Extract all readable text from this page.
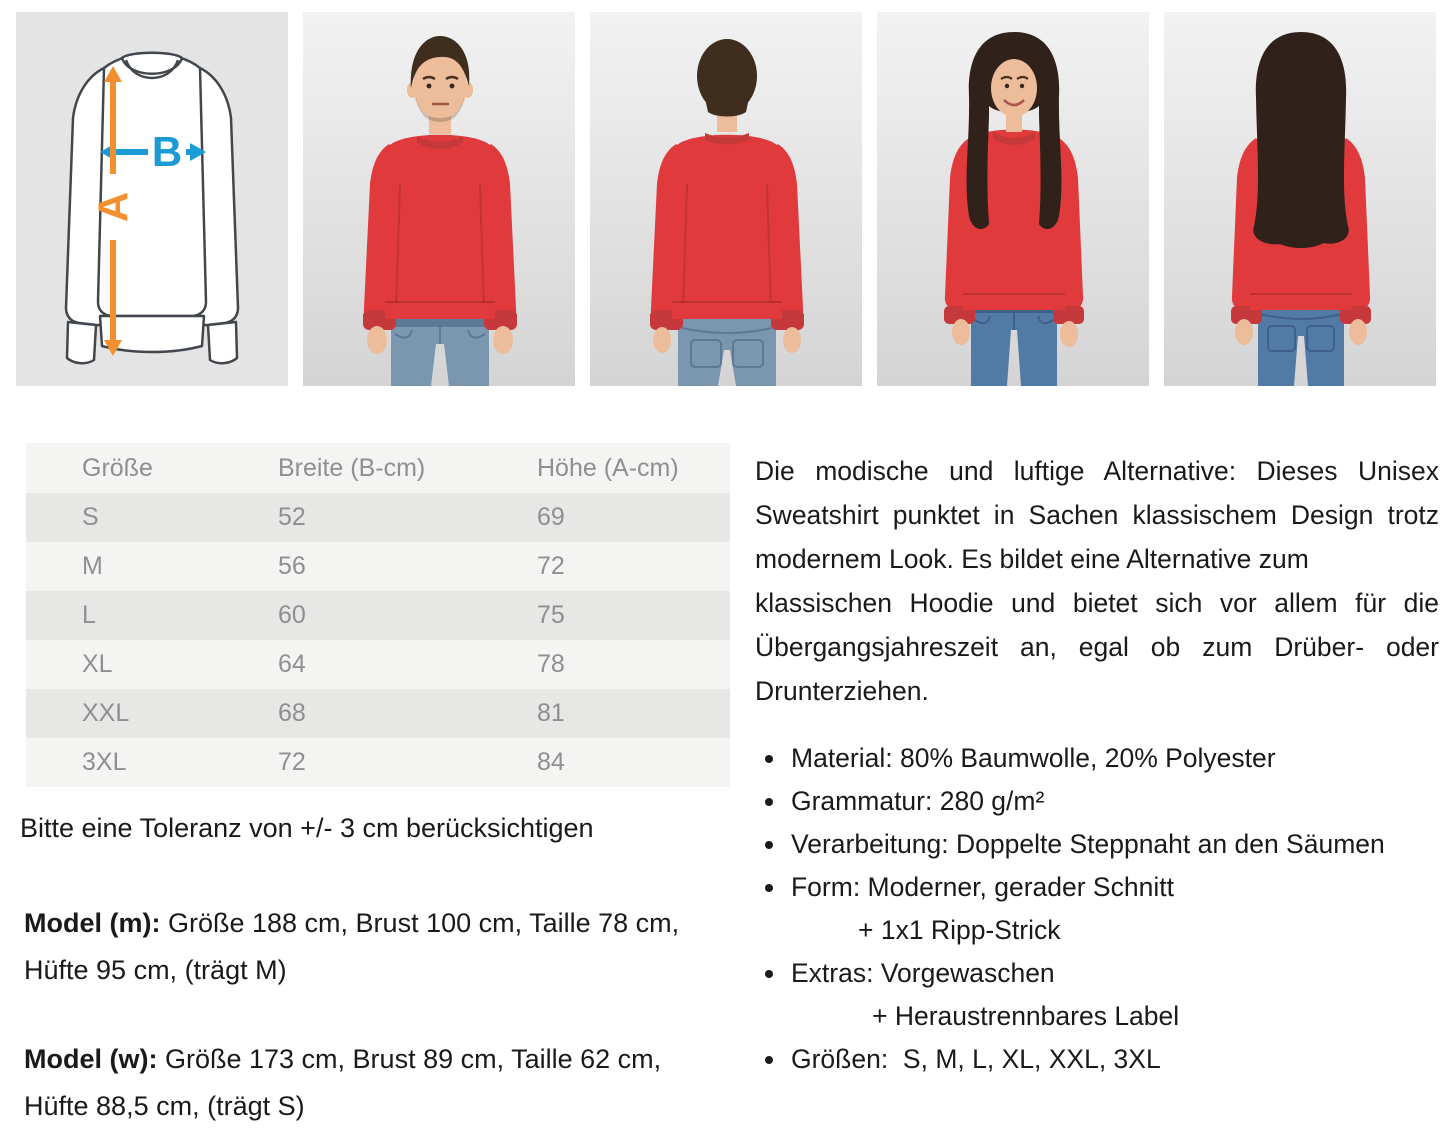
B
A
Größe	Breite (B-cm)	Höhe (A-cm)
S	52	69
M	56	72
L	60	75
XL	64	78
XXL	68	81
3XL	72	84
Bitte eine Toleranz von +/- 3 cm berücksichtigen
Model (m): Größe 188 cm, Brust 100 cm, Taille 78 cm,
Hüfte 95 cm, (trägt M)
Model (w): Größe 173 cm, Brust 89 cm, Taille 62 cm,
Hüfte 88,5 cm, (trägt S)
Die modische und luftige Alternative: Dieses Unisex
Sweatshirt punktet in Sachen klassischem Design trotz
modernem Look. Es bildet eine Alternative zum
klassischen Hoodie und bietet sich vor allem für die
Übergangsjahreszeit an, egal ob zum Drüber- oder
Drunterziehen.
Material: 80% Baumwolle, 20% Polyester
Grammatur: 280 g/m²
Verarbeitung: Doppelte Steppnaht an den Säumen
Form: Moderner, gerader Schnitt
+ 1x1 Ripp-Strick
Extras: Vorgewaschen
+ Heraustrennbares Label
Größen:  S, M, L, XL, XXL, 3XL
